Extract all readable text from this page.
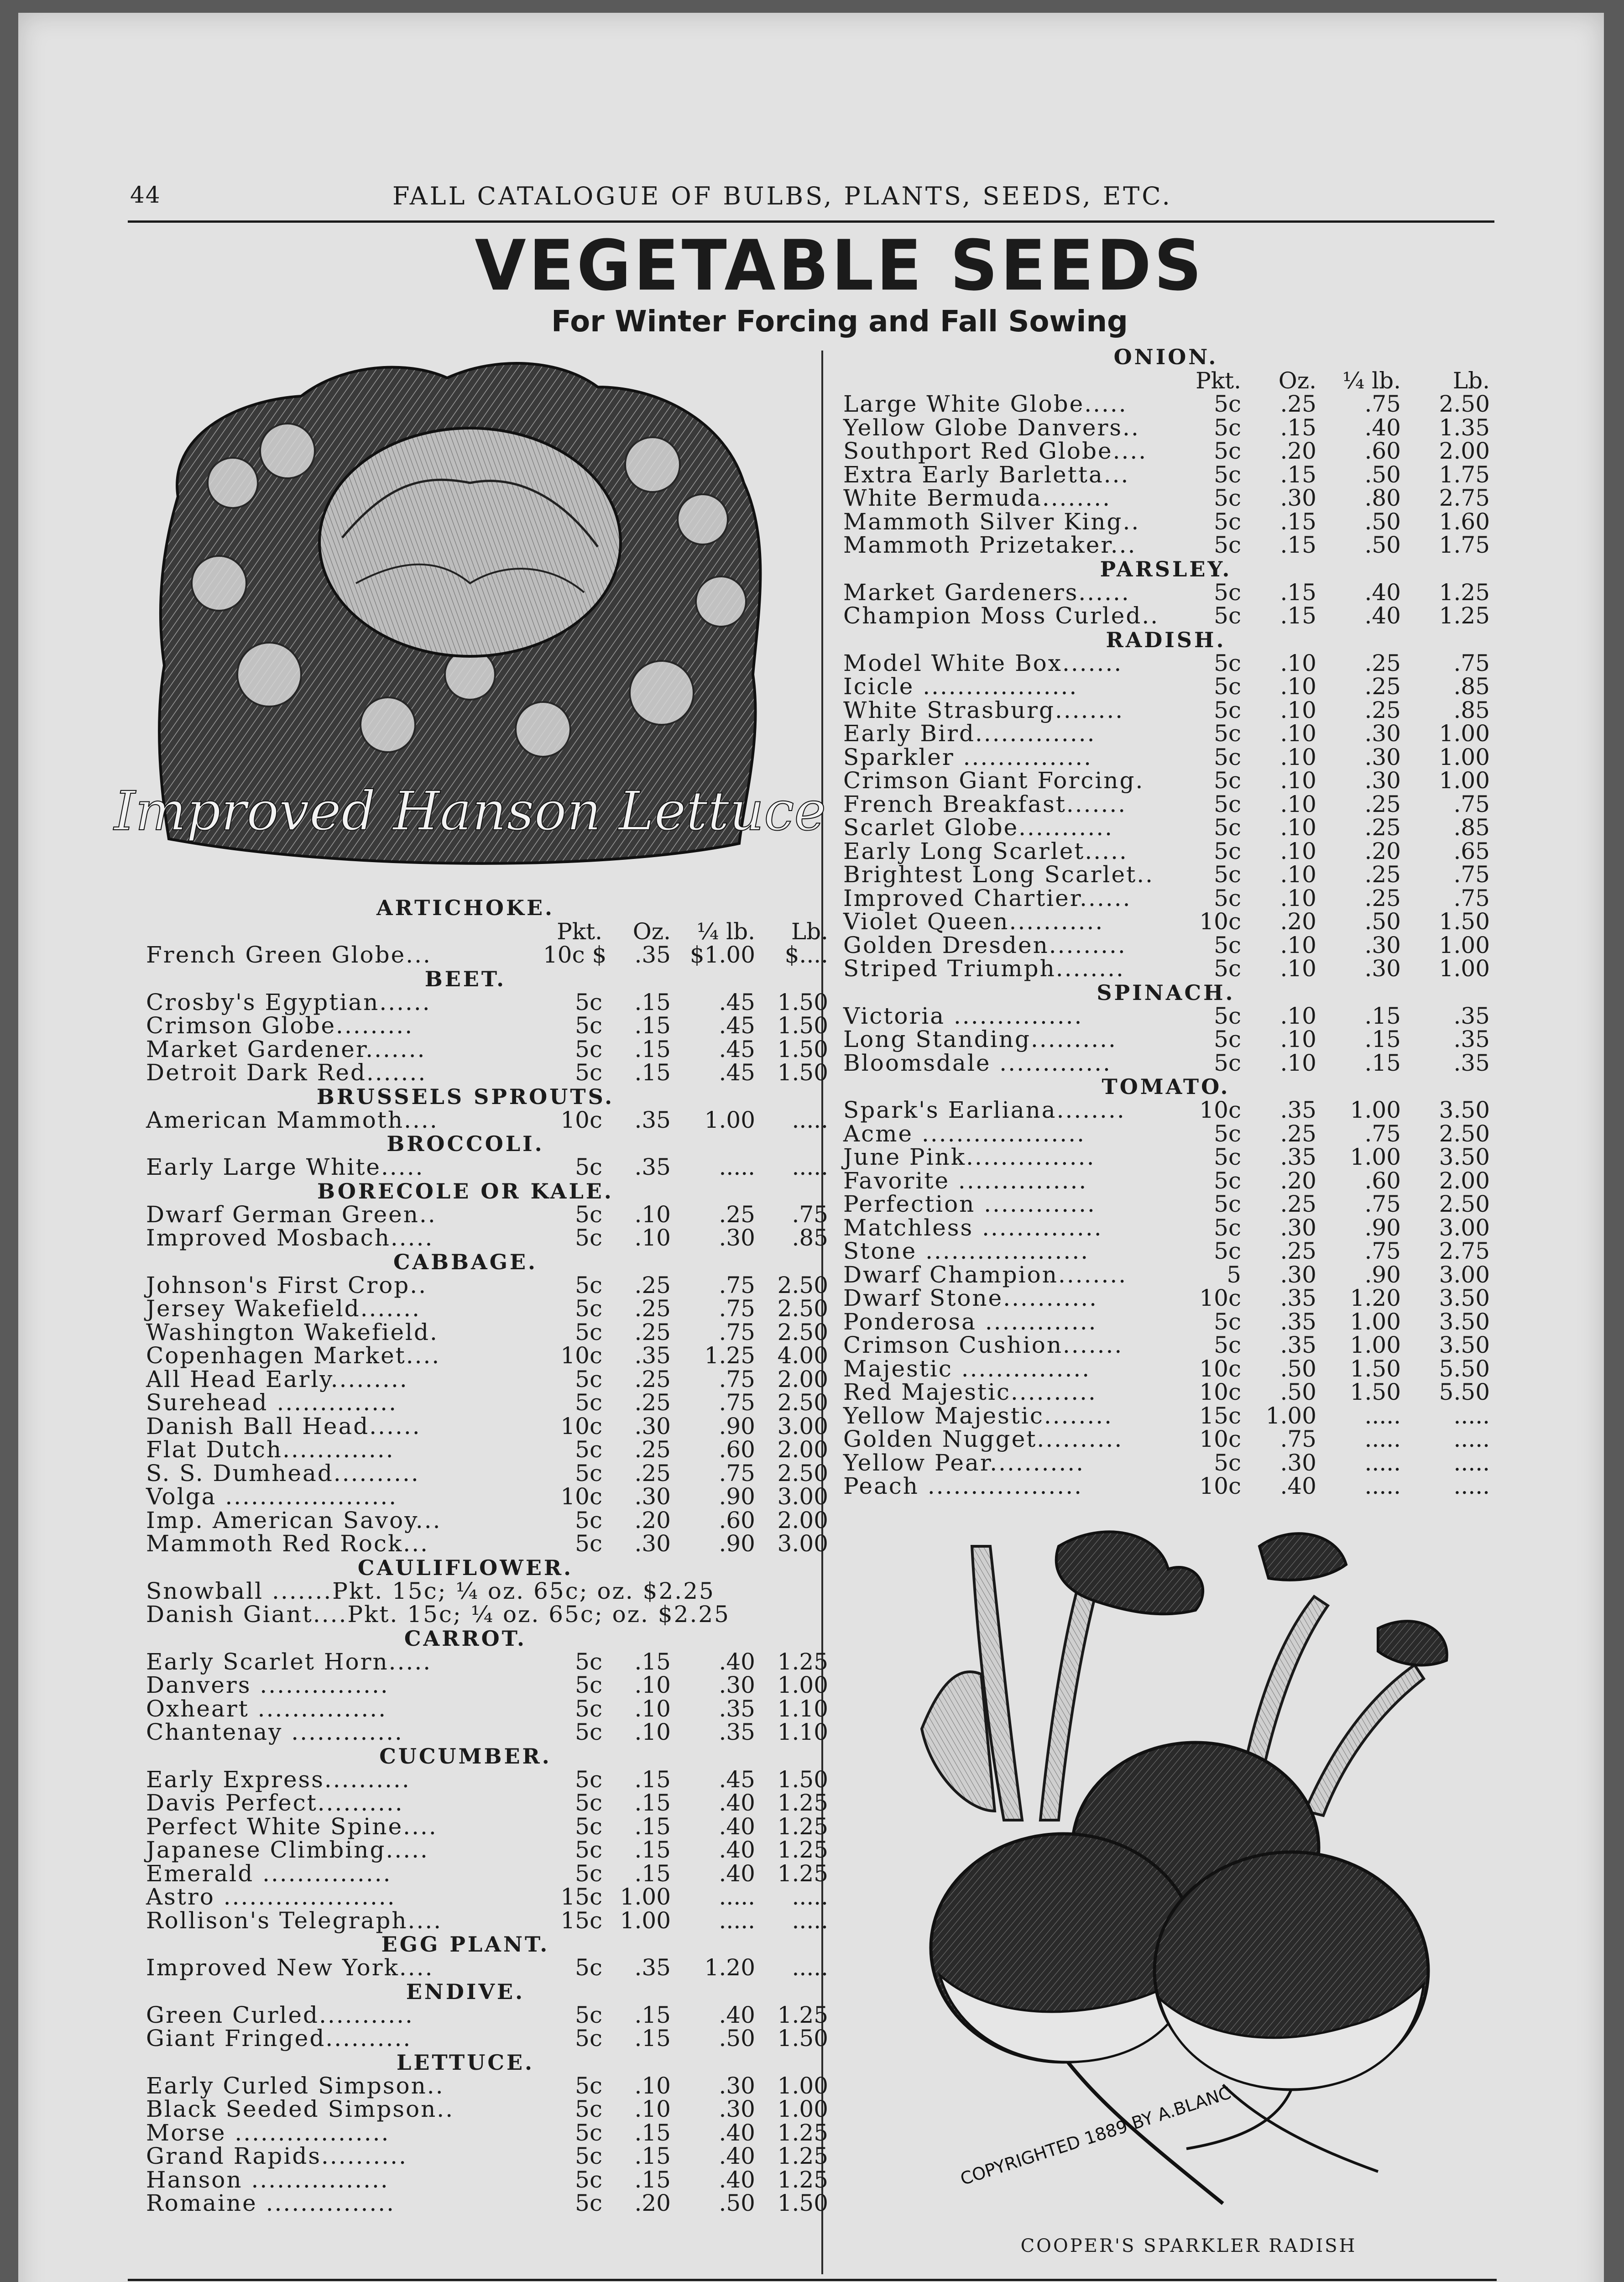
44	FALL CATALOGUE OF BULBS, PLANTS, SEEDS, ETC.
VEGETABLE SEEDS
For Winter Forcing and Fall Sowing
Improved Hanson Lettuce
ARTICHOKE.
Pkt.	Oz.	¼ lb.	Lb.
French Green Globe...	10c $	.35 $1.00	$....
BEET.
Crosby's Egyptian......	5c	.15	.45 1.50
Crimson Globe.........	5c	.15	.45 1.50
Market Gardener.......	5c	.15	.45 1.50
Detroit Dark Red.......	5c	.15	.45 1.50
BRUSSELS SPROUTS.
American Mammoth....	10c	.35	1.00	.....
BROCCOLI.
Early Large White.....	5c	.35	.....	.....
BORECOLE OR KALE.
Dwarf German Green..	5c	.10	.25	.75
Improved Mosbach.....	5c	.10	.30	.85
CABBAGE.
Johnson's First Crop..	5c	.25	.75 2.50
Jersey Wakefield.......	5c	.25	.75 2.50
Washington Wakefield.	5c	.25	.75 2.50
Copenhagen Market....	10c	.35	1.25 4.00
All Head Early.........	5c	.25	.75 2.00
Surehead ..............	5c	.25	.75 2.50
Danish Ball Head......	10c	.30	.90 3.00
Flat Dutch.............	5c	.25	.60 2.00
S. S. Dumhead..........	5c	.25	.75 2.50
Volga ....................	10c	.30	.90 3.00
Imp. American Savoy...	5c	.20	.60 2.00
Mammoth Red Rock...	5c	.30	.90 3.00
CAULIFLOWER.
Snowball .......Pkt. 15c; ¼ oz. 65c; oz. $2.25
Danish Giant....Pkt. 15c; ¼ oz. 65c; oz. $2.25
CARROT.
Early Scarlet Horn.....	5c	.15	.40 1.25
Danvers ...............	5c	.10	.30 1.00
Oxheart ...............	5c	.10	.35 1.10
Chantenay .............	5c	.10	.35 1.10
CUCUMBER.
Early Express..........	5c	.15	.45 1.50
Davis Perfect..........	5c	.15	.40 1.25
Perfect White Spine....	5c	.15	.40 1.25
Japanese Climbing.....	5c	.15	.40 1.25
Emerald ...............	5c	.15	.40 1.25
Astro ....................	15c 1.00	.....	.....
Rollison's Telegraph....	15c 1.00	.....	.....
EGG PLANT.
Improved New York....	5c	.35	1.20	.....
ENDIVE.
Green Curled...........	5c	.15	.40 1.25
Giant Fringed..........	5c	.15	.50 1.50
LETTUCE.
Early Curled Simpson..	5c	.10	.30 1.00
Black Seeded Simpson..	5c	.10	.30 1.00
Morse ..................	5c	.15	.40 1.25
Grand Rapids..........	5c	.15	.40 1.25
Hanson ................	5c	.15	.40 1.25
Romaine ...............	5c	.20	.50 1.50
ONION.
Pkt.	Oz.	¼ lb.	Lb.
Large White Globe.....	5c	.25	.75	2.50
Yellow Globe Danvers..	5c	.15	.40	1.35
Southport Red Globe....	5c	.20	.60	2.00
Extra Early Barletta...	5c	.15	.50	1.75
White Bermuda........	5c	.30	.80	2.75
Mammoth Silver King..	5c	.15	.50	1.60
Mammoth Prizetaker...	5c	.15	.50	1.75
PARSLEY.
Market Gardeners......	5c	.15	.40	1.25
Champion Moss Curled..	5c	.15	.40	1.25
RADISH.
Model White Box.......	5c	.10	.25	.75
Icicle ..................	5c	.10	.25	.85
White Strasburg........	5c	.10	.25	.85
Early Bird..............	5c	.10	.30	1.00
Sparkler ...............	5c	.10	.30	1.00
Crimson Giant Forcing.	5c	.10	.30	1.00
French Breakfast.......	5c	.10	.25	.75
Scarlet Globe...........	5c	.10	.25	.85
Early Long Scarlet.....	5c	.10	.20	.65
Brightest Long Scarlet..	5c	.10	.25	.75
Improved Chartier......	5c	.10	.25	.75
Violet Queen...........	10c	.20	.50	1.50
Golden Dresden.........	5c	.10	.30	1.00
Striped Triumph........	5c	.10	.30	1.00
SPINACH.
Victoria ...............	5c	.10	.15	.35
Long Standing..........	5c	.10	.15	.35
Bloomsdale .............	5c	.10	.15	.35
TOMATO.
Spark's Earliana........	10c	.35	1.00	3.50
Acme ...................	5c	.25	.75	2.50
June Pink...............	5c	.35	1.00	3.50
Favorite ...............	5c	.20	.60	2.00
Perfection .............	5c	.25	.75	2.50
Matchless ..............	5c	.30	.90	3.00
Stone ...................	5c	.25	.75	2.75
Dwarf Champion........	5	.30	.90	3.00
Dwarf Stone...........	10c	.35	1.20	3.50
Ponderosa .............	5c	.35	1.00	3.50
Crimson Cushion.......	5c	.35	1.00	3.50
Majestic ...............	10c	.50	1.50	5.50
Red Majestic..........	10c	.50	1.50	5.50
Yellow Majestic........	15c	1.00	.....	.....
Golden Nugget..........	10c	.75	.....	.....
Yellow Pear...........	5c	.30	.....	.....
Peach ..................	10c	.40	.....	.....
COPYRIGHTED 1889 BY A.BLANC.
COOPER'S SPARKLER RADISH
